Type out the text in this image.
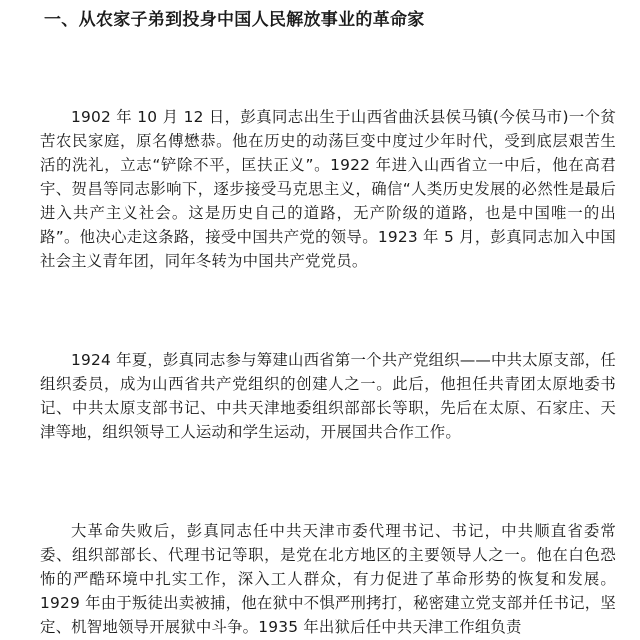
一、从农家子弟到投身中国人民解放事业的革命家

1902 年 10 月 12 日，彭真同志出生于山西省曲沃县侯马镇(今侯马市)一个贫苦农民家庭，原名傅懋恭。他在历史的动荡巨变中度过少年时代，受到底层艰苦生活的洗礼，立志“铲除不平，匡扶正义”。1922 年进入山西省立一中后，他在高君宇、贺昌等同志影响下，逐步接受马克思主义，确信“人类历史发展的必然性是最后进入共产主义社会。这是历史自己的道路，无产阶级的道路，也是中国唯一的出路”。他决心走这条路，接受中国共产党的领导。1923 年 5 月，彭真同志加入中国社会主义青年团，同年冬转为中国共产党党员。

1924 年夏，彭真同志参与筹建山西省第一个共产党组织——中共太原支部，任组织委员，成为山西省共产党组织的创建人之一。此后，他担任共青团太原地委书记、中共太原支部书记、中共天津地委组织部部长等职，先后在太原、石家庄、天津等地，组织领导工人运动和学生运动，开展国共合作工作。

大革命失败后，彭真同志任中共天津市委代理书记、书记，中共顺直省委常委、组织部部长、代理书记等职，是党在北方地区的主要领导人之一。他在白色恐怖的严酷环境中扎实工作，深入工人群众，有力促进了革命形势的恢复和发展。1929 年由于叛徒出卖被捕，他在狱中不惧严刑拷打，秘密建立党支部并任书记，坚定、机智地领导开展狱中斗争。1935 年出狱后任中共天津工作组负责
